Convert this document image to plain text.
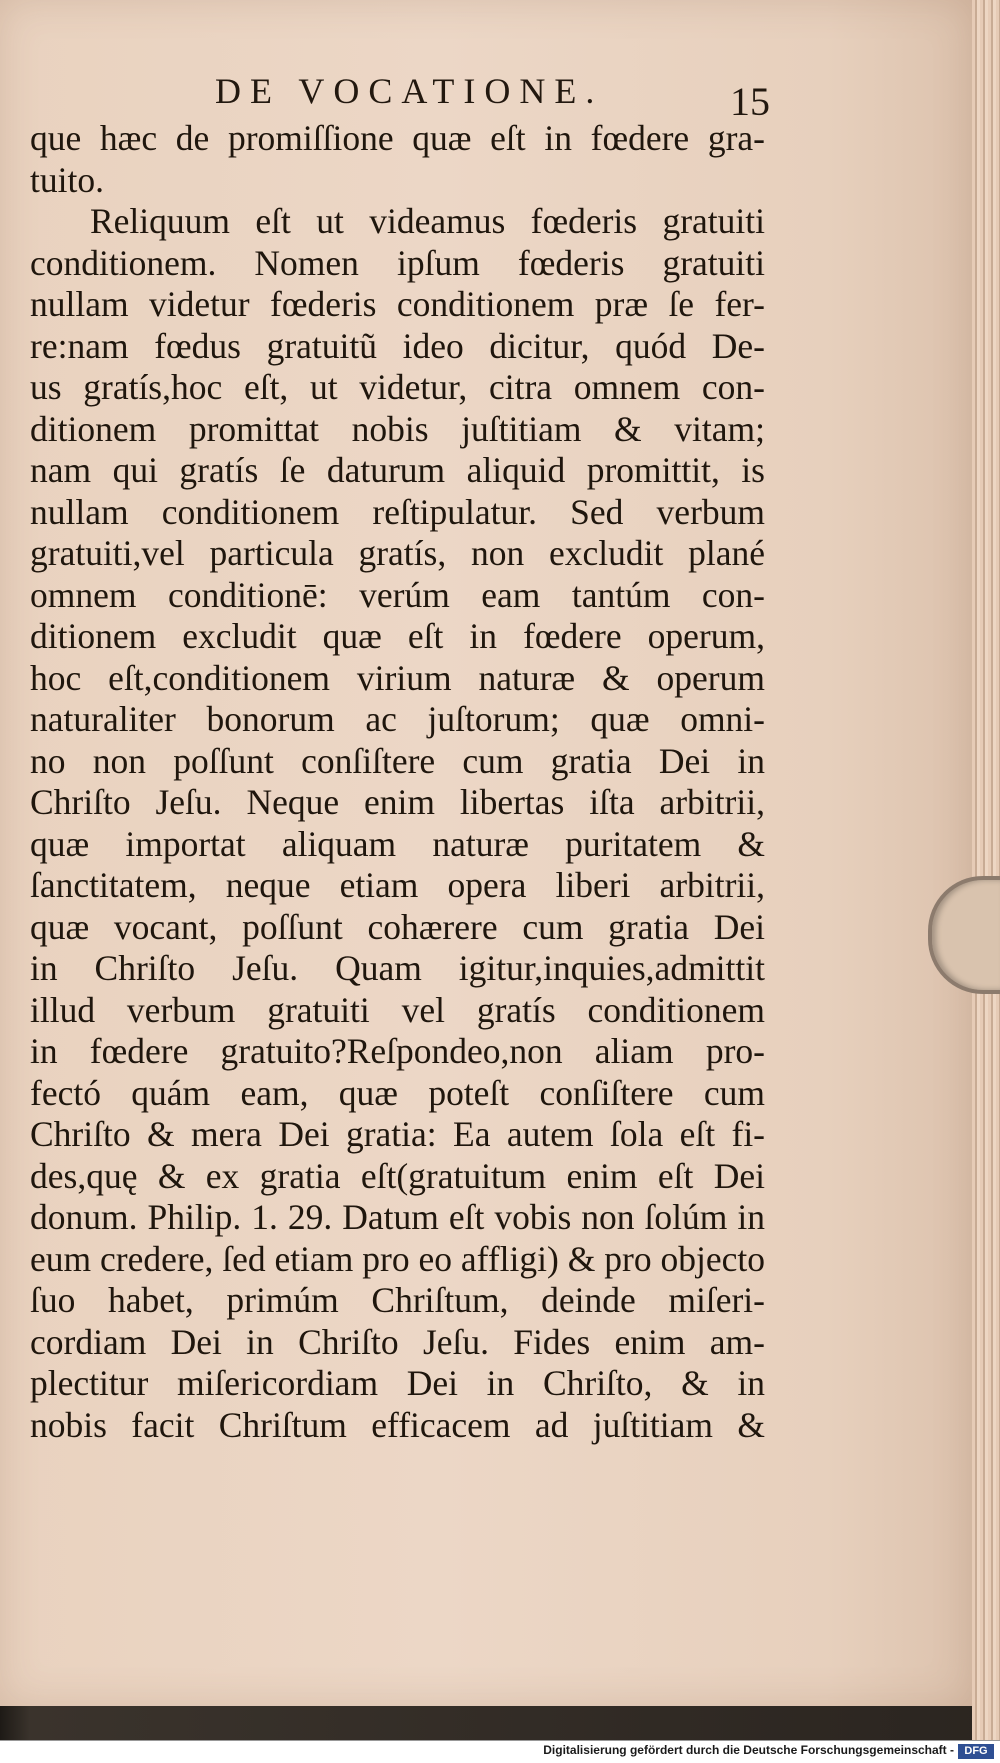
DE VOCATIONE.	15
que hæc de promiſſione quæ eſt in fœdere gra-
tuito.
Reliquum eſt ut videamus fœderis gratuiti
conditionem. Nomen ipſum fœderis gratuiti
nullam videtur fœderis conditionem præ ſe fer-
re:nam fœdus gratuitũ ideo dicitur, quód De-
us gratís,hoc eſt, ut videtur, citra omnem con-
ditionem promittat nobis juſtitiam & vitam;
nam qui gratís ſe daturum aliquid promittit, is
nullam conditionem reſtipulatur. Sed verbum
gratuiti,vel particula gratís, non excludit plané
omnem conditionē: verúm eam tantúm con-
ditionem excludit quæ eſt in fœdere operum,
hoc eſt,conditionem virium naturæ & operum
naturaliter bonorum ac juſtorum; quæ omni-
no non poſſunt conſiſtere cum gratia Dei in
Chriſto Jeſu. Neque enim libertas iſta arbitrii,
quæ importat aliquam naturæ puritatem &
ſanctitatem, neque etiam opera liberi arbitrii,
quæ vocant, poſſunt cohærere cum gratia Dei
in Chriſto Jeſu. Quam igitur,inquies,admittit
illud verbum gratuiti vel gratís conditionem
in fœdere gratuito?Reſpondeo,non aliam pro-
fectó quám eam, quæ poteſt conſiſtere cum
Chriſto & mera Dei gratia: Ea autem ſola eſt fi-
des,quę & ex gratia eſt(gratuitum enim eſt Dei
donum. Philip. 1. 29. Datum eſt vobis non ſolúm in
eum credere, ſed etiam pro eo affligi) & pro objecto
ſuo habet, primúm Chriſtum, deinde miſeri-
cordiam Dei in Chriſto Jeſu. Fides enim am-
plectitur miſericordiam Dei in Chriſto, & in
nobis facit Chriſtum efficacem ad juſtitiam &
Digitalisierung gefördert durch die Deutsche Forschungsgemeinschaft - DFG
